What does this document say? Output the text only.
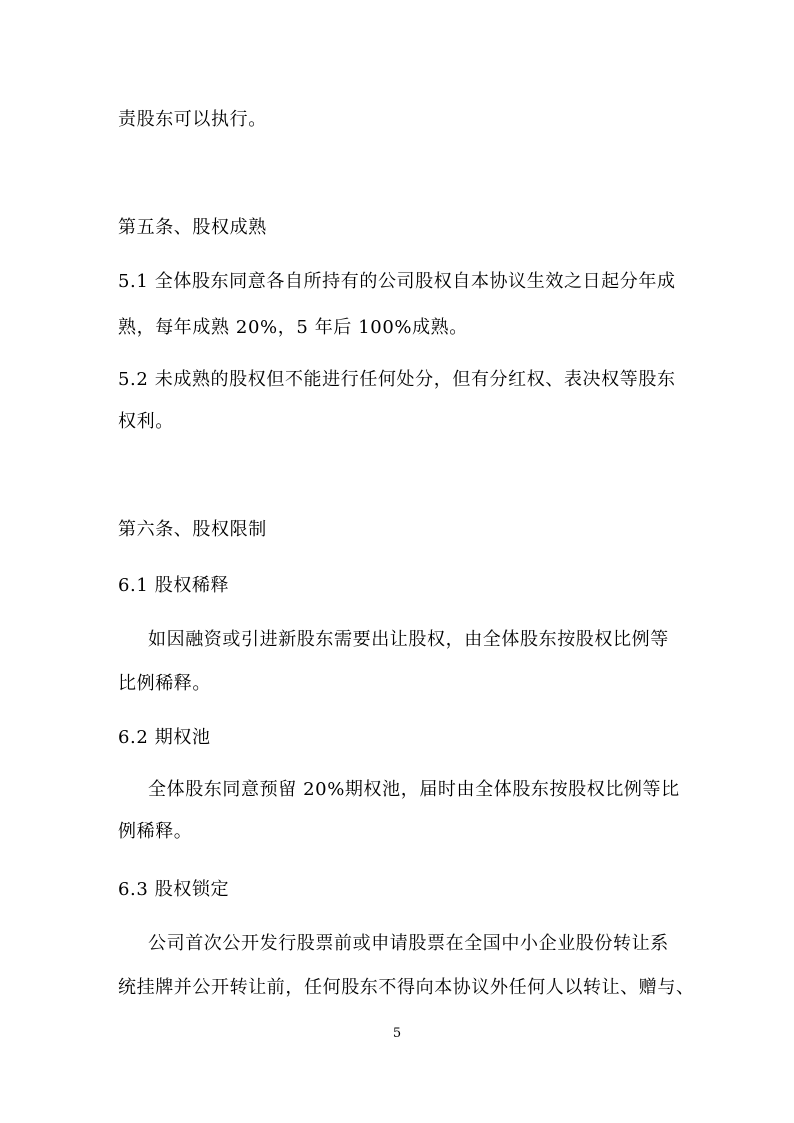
责股东可以执行。
第五条、股权成熟
5.1 全体股东同意各自所持有的公司股权自本协议生效之日起分年成
熟，每年成熟 20%，5 年后 100%成熟。
5.2 未成熟的股权但不能进行任何处分，但有分红权、表决权等股东
权利。
第六条、股权限制
6.1 股权稀释
如因融资或引进新股东需要出让股权，由全体股东按股权比例等
比例稀释。
6.2 期权池
全体股东同意预留 20%期权池，届时由全体股东按股权比例等比
例稀释。
6.3 股权锁定
公司首次公开发行股票前或申请股票在全国中小企业股份转让系
统挂牌并公开转让前，任何股东不得向本协议外任何人以转让、赠与、
5
